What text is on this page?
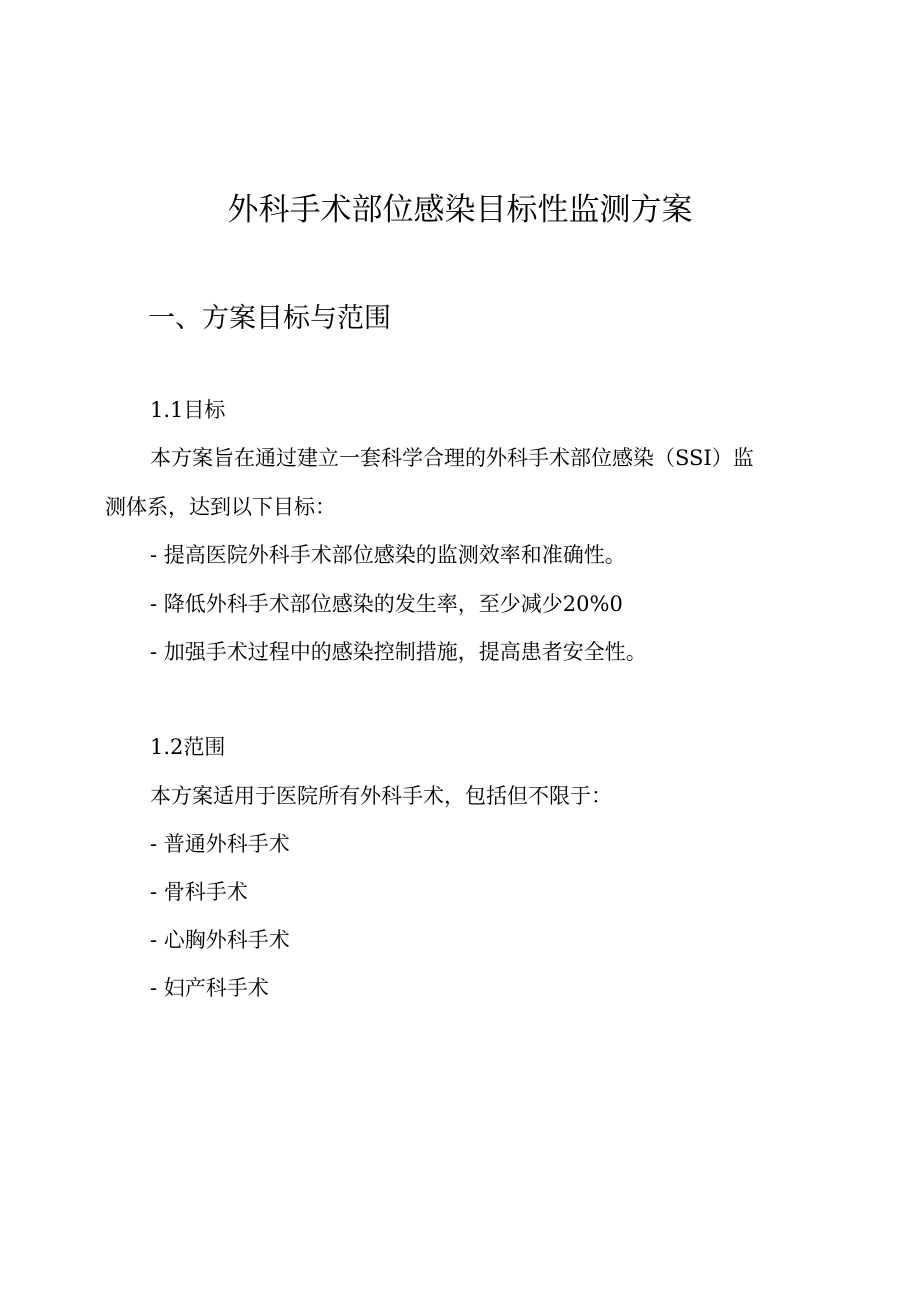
外科手术部位感染目标性监测方案
一、方案目标与范围
1.1目标
本方案旨在通过建立一套科学合理的外科手术部位感染（SSI）监
测体系，达到以下目标：
- 提高医院外科手术部位感染的监测效率和准确性。
- 降低外科手术部位感染的发生率，至少减少20%0
- 加强手术过程中的感染控制措施，提高患者安全性。
1.2范围
本方案适用于医院所有外科手术，包括但不限于：
- 普通外科手术
- 骨科手术
- 心胸外科手术
- 妇产科手术
